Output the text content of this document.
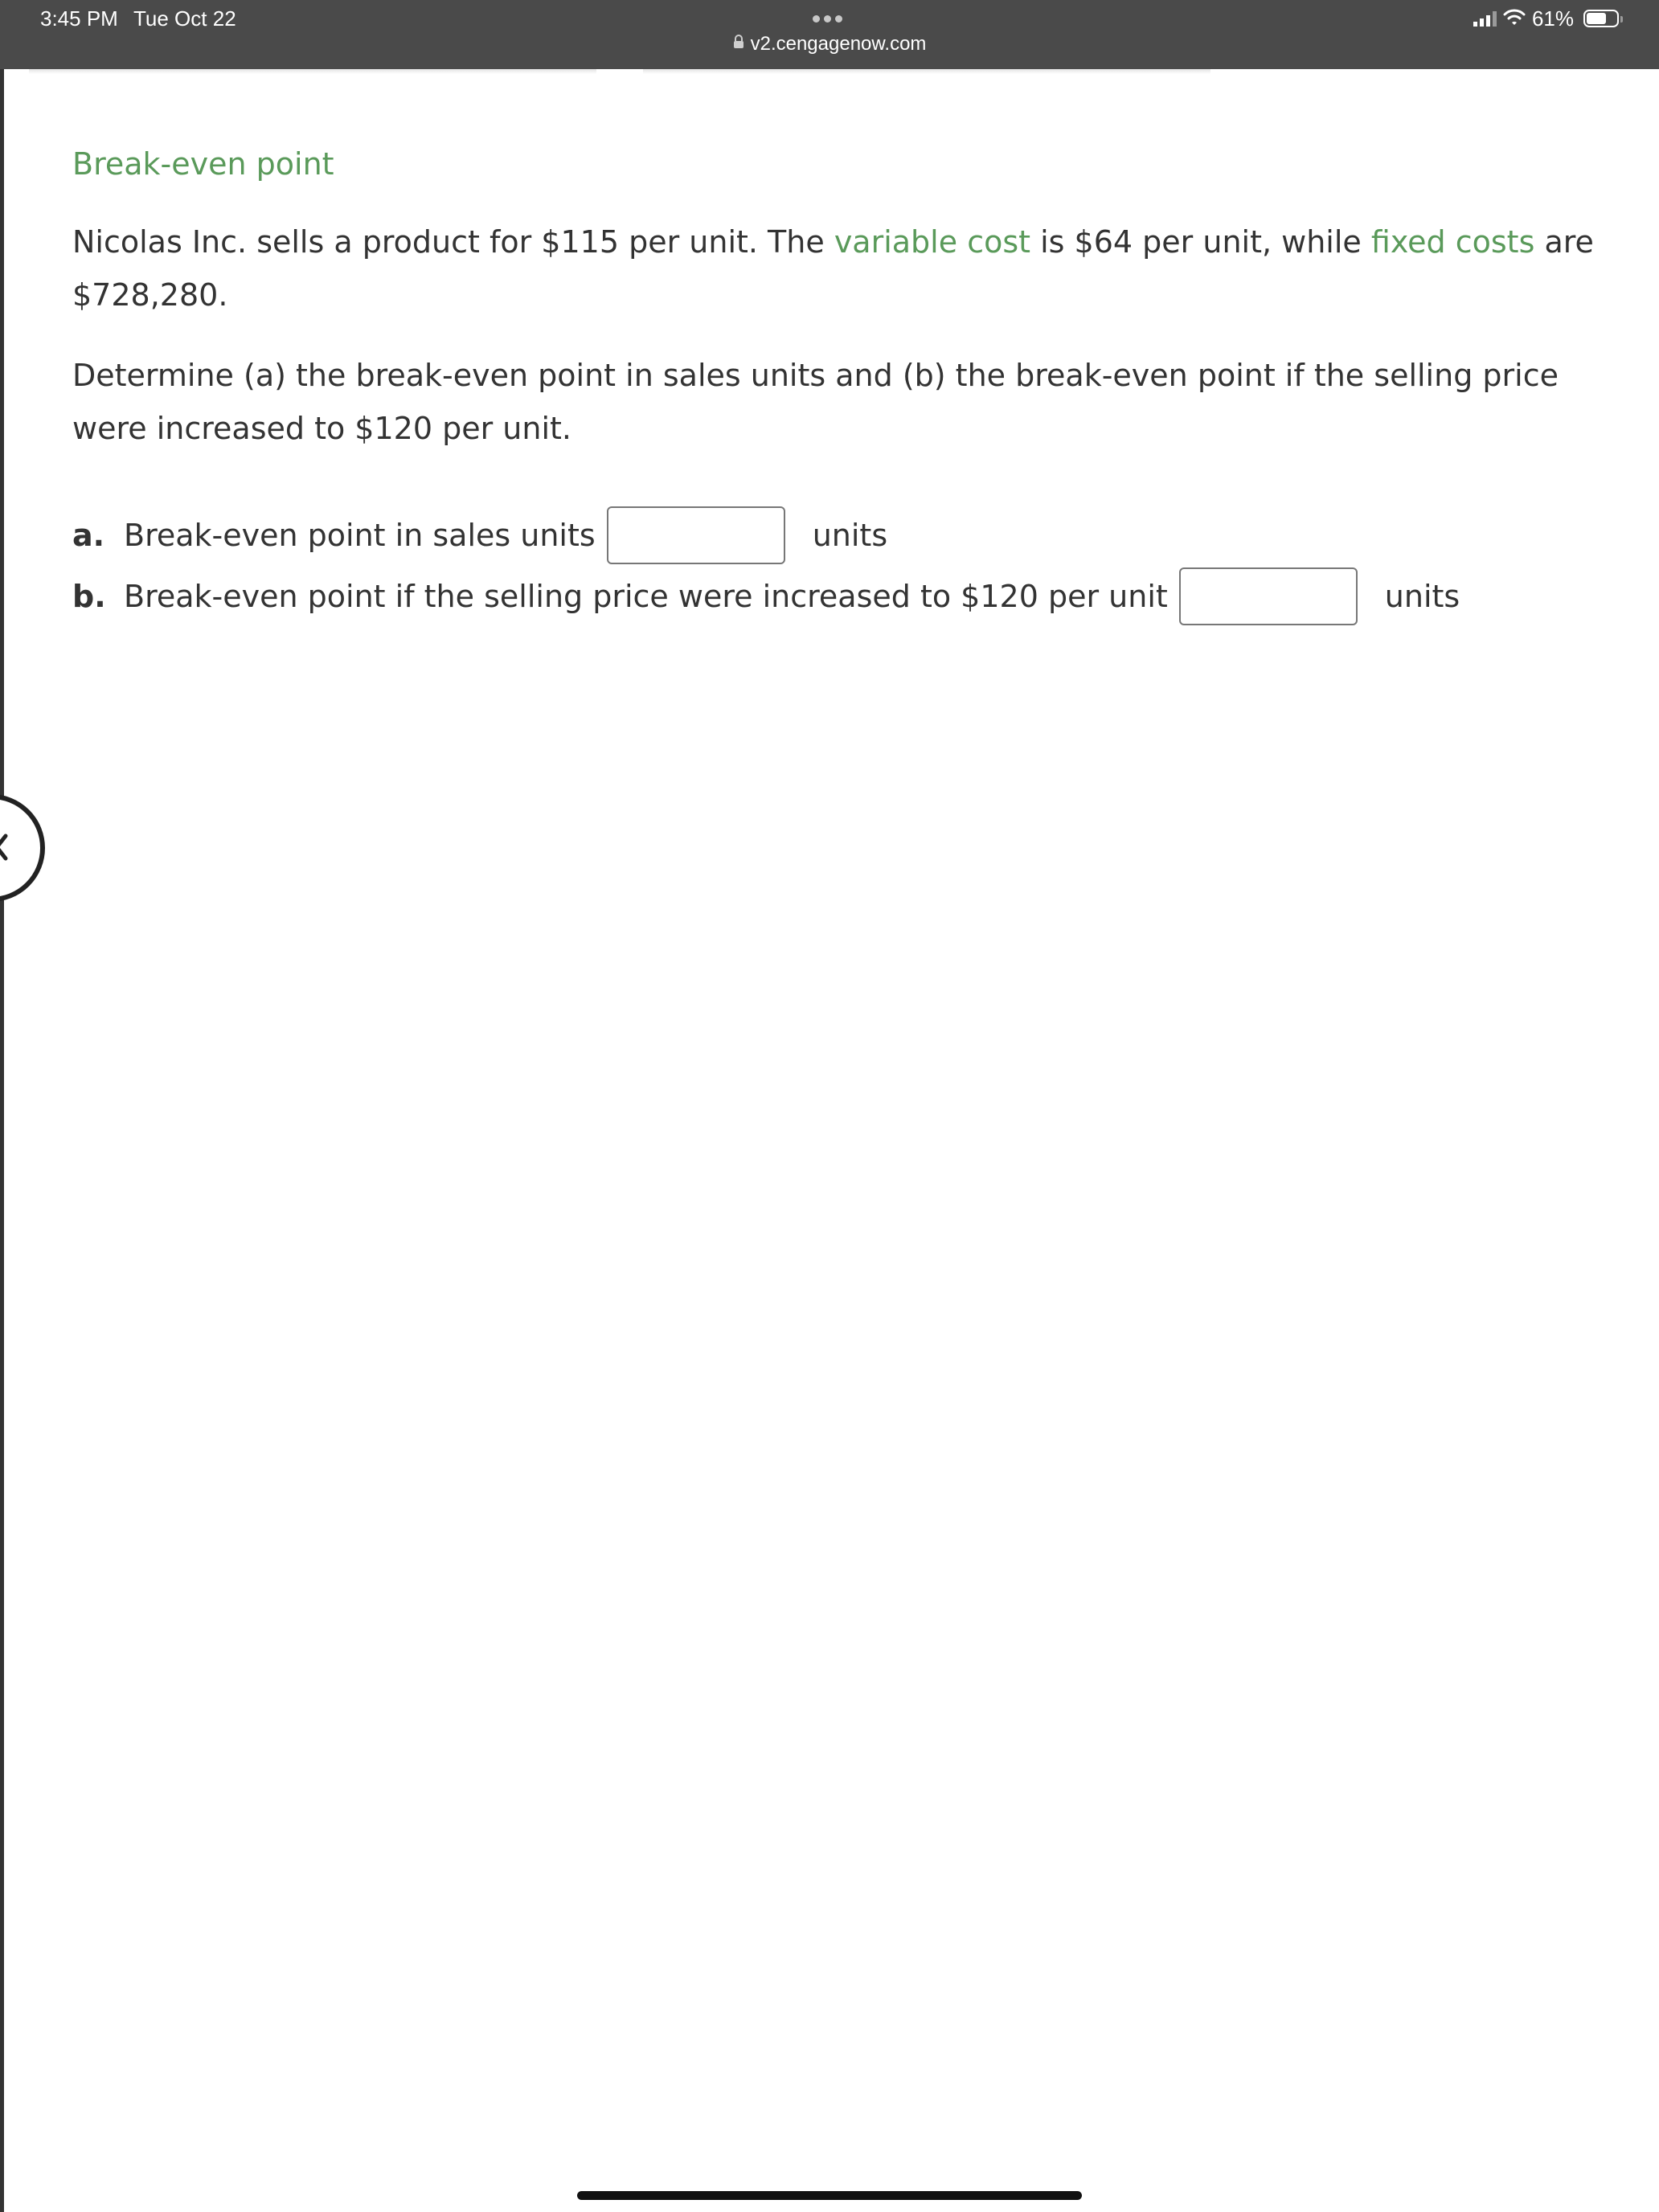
3:45 PM Tue Oct 22
v2.cengagenow.com
61%
Break-even point

Nicolas Inc. sells a product for $115 per unit. The variable cost is $64 per unit, while fixed costs are $728,280.

Determine (a) the break-even point in sales units and (b) the break-even point if the selling price were increased to $120 per unit.

a. Break-even point in sales units	units
b. Break-even point if the selling price were increased to $120 per unit	units
